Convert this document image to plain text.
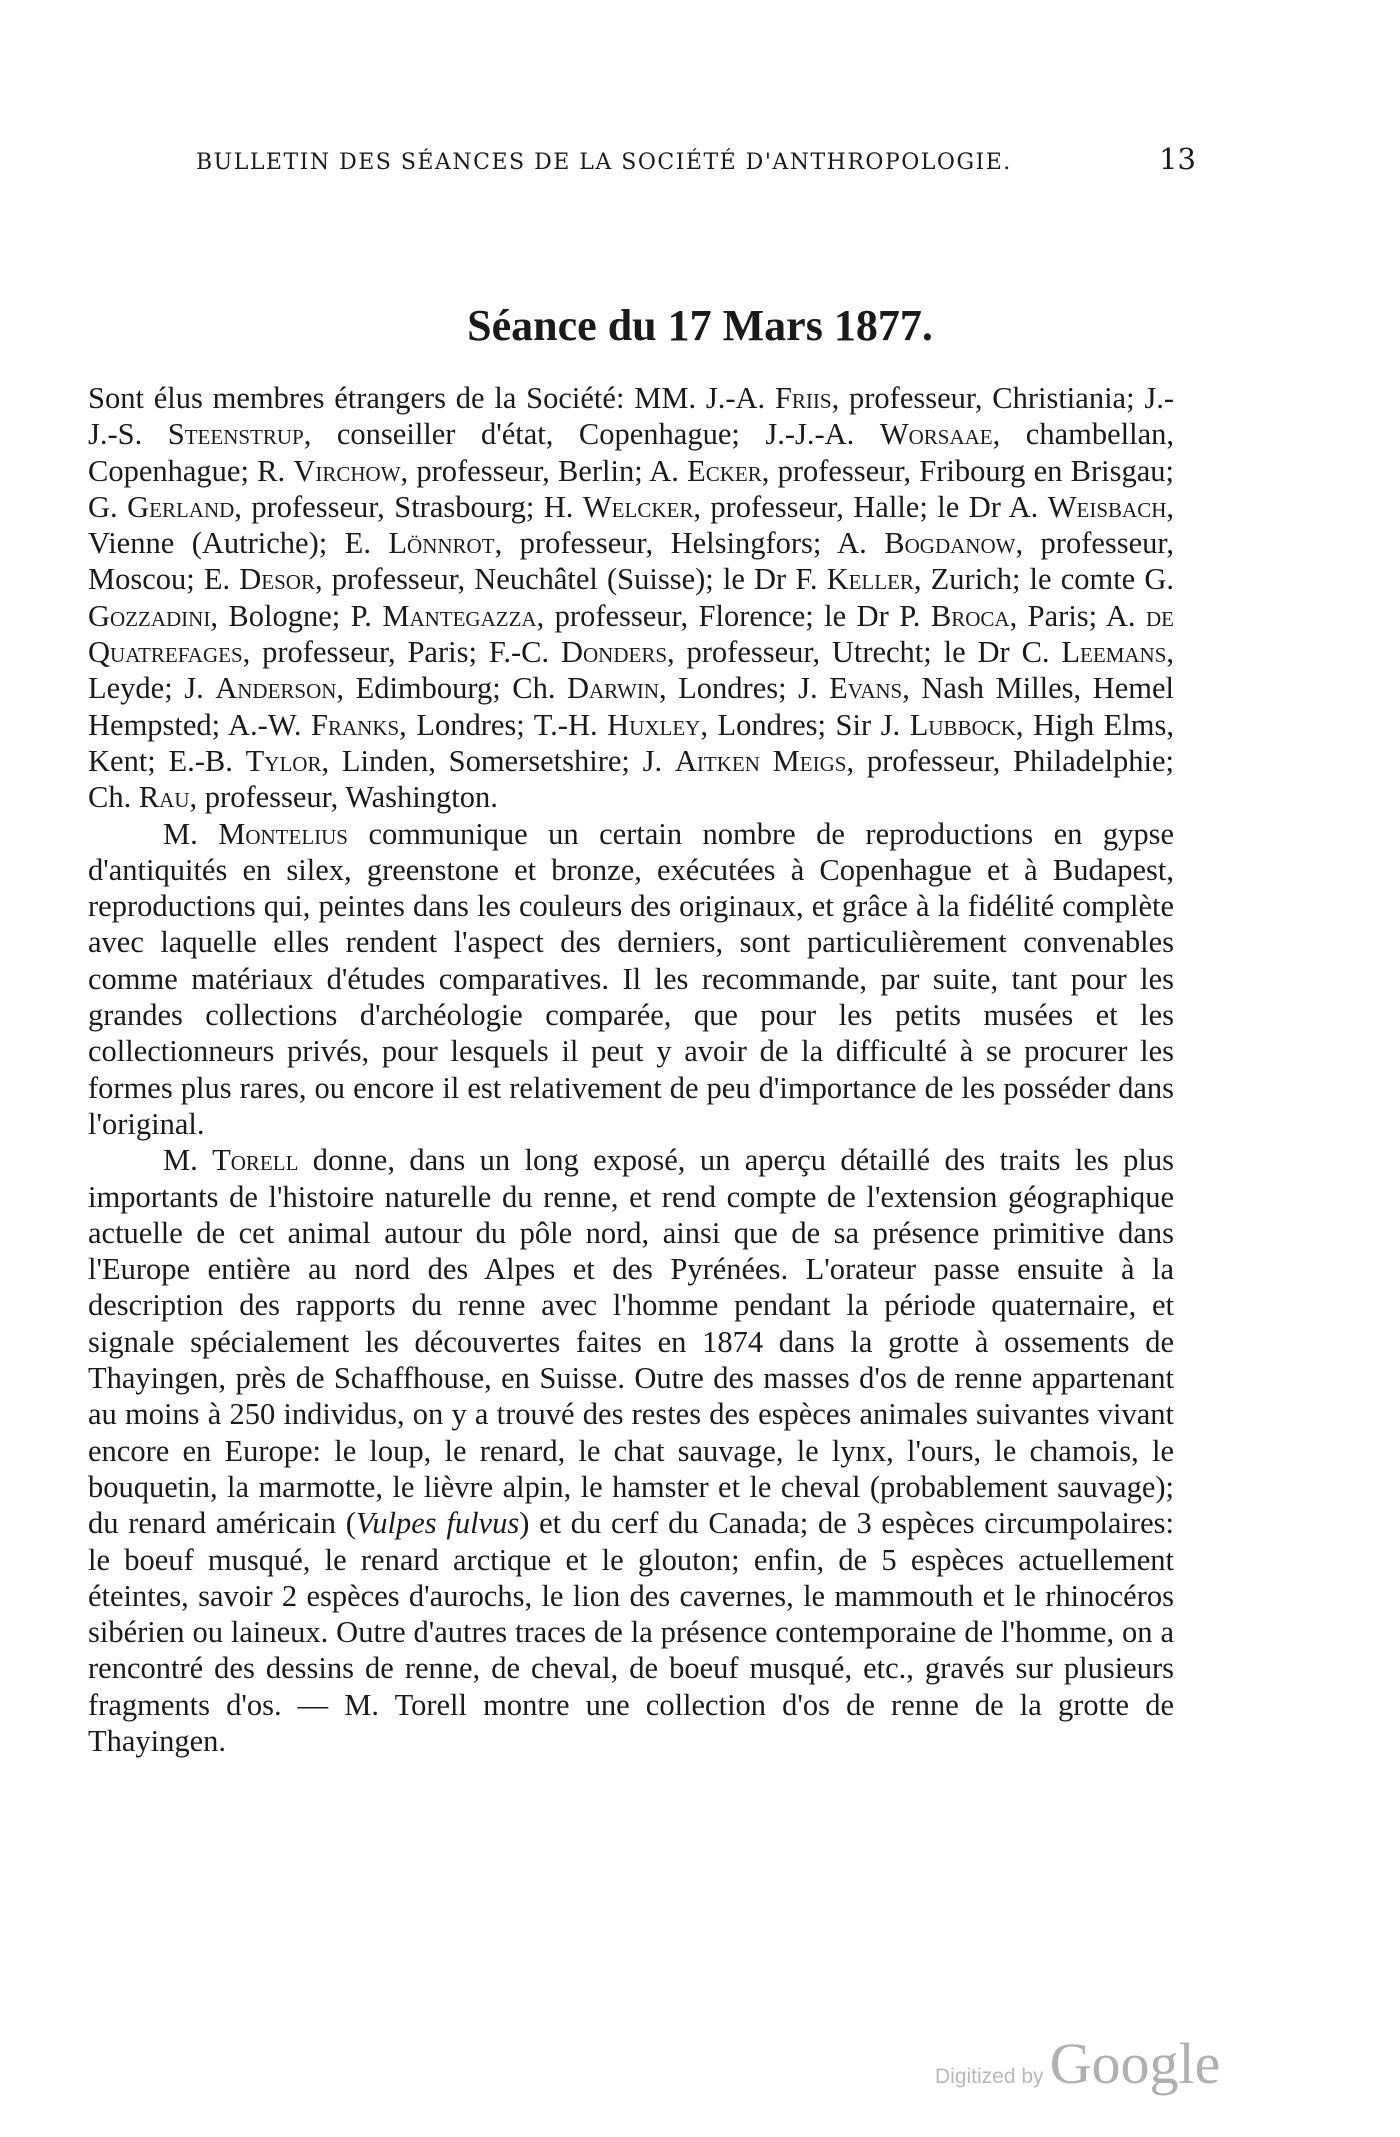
BULLETIN DES SÉANCES DE LA SOCIÉTÉ D'ANTHROPOLOGIE.	13
Séance du 17 Mars 1877.

Sont élus membres étrangers de la Société: MM. J.-A. Friis, professeur, Christiania; J.-J.-S. Steenstrup, conseiller d'état, Copenhague; J.-J.-A. Worsaae, chambellan, Copenhague; R. Virchow, professeur, Berlin; A. Ecker, professeur, Fribourg en Brisgau; G. Gerland, professeur, Strasbourg; H. Welcker, professeur, Halle; le Dr A. Weisbach, Vienne (Autriche); E. Lönnrot, professeur, Helsingfors; A. Bogdanow, professeur, Moscou; E. Desor, professeur, Neuchâtel (Suisse); le Dr F. Keller, Zurich; le comte G. Gozzadini, Bologne; P. Mantegazza, professeur, Florence; le Dr P. Broca, Paris; A. de Quatrefages, professeur, Paris; F.-C. Donders, professeur, Utrecht; le Dr C. Leemans, Leyde; J. Anderson, Edimbourg; Ch. Darwin, Londres; J. Evans, Nash Milles, Hemel Hempsted; A.-W. Franks, Londres; T.-H. Huxley, Londres; Sir J. Lubbock, High Elms, Kent; E.-B. Tylor, Linden, Somersetshire; J. Aitken Meigs, professeur, Philadelphie; Ch. Rau, professeur, Washington.

M. Montelius communique un certain nombre de reproductions en gypse d'antiquités en silex, greenstone et bronze, exécutées à Copenhague et à Budapest, reproductions qui, peintes dans les couleurs des originaux, et grâce à la fidélité complète avec laquelle elles rendent l'aspect des derniers, sont particulièrement convenables comme matériaux d'études comparatives. Il les recommande, par suite, tant pour les grandes collections d'archéologie comparée, que pour les petits musées et les collectionneurs privés, pour lesquels il peut y avoir de la difficulté à se procurer les formes plus rares, ou encore il est relativement de peu d'importance de les posséder dans l'original.

M. Torell donne, dans un long exposé, un aperçu détaillé des traits les plus importants de l'histoire naturelle du renne, et rend compte de l'extension géographique actuelle de cet animal autour du pôle nord, ainsi que de sa présence primitive dans l'Europe entière au nord des Alpes et des Pyrénées. L'orateur passe ensuite à la description des rapports du renne avec l'homme pendant la période quaternaire, et signale spécialement les découvertes faites en 1874 dans la grotte à ossements de Thayingen, près de Schaffhouse, en Suisse. Outre des masses d'os de renne appartenant au moins à 250 individus, on y a trouvé des restes des espèces animales suivantes vivant encore en Europe: le loup, le renard, le chat sauvage, le lynx, l'ours, le chamois, le bouquetin, la marmotte, le lièvre alpin, le hamster et le cheval (probablement sauvage); du renard américain (Vulpes fulvus) et du cerf du Canada; de 3 espèces circumpolaires: le boeuf musqué, le renard arctique et le glouton; enfin, de 5 espèces actuellement éteintes, savoir 2 espèces d'aurochs, le lion des cavernes, le mammouth et le rhinocéros sibérien ou laineux. Outre d'autres traces de la présence contemporaine de l'homme, on a rencontré des dessins de renne, de cheval, de boeuf musqué, etc., gravés sur plusieurs fragments d'os. — M. Torell montre une collection d'os de renne de la grotte de Thayingen.

Digitized by Google
